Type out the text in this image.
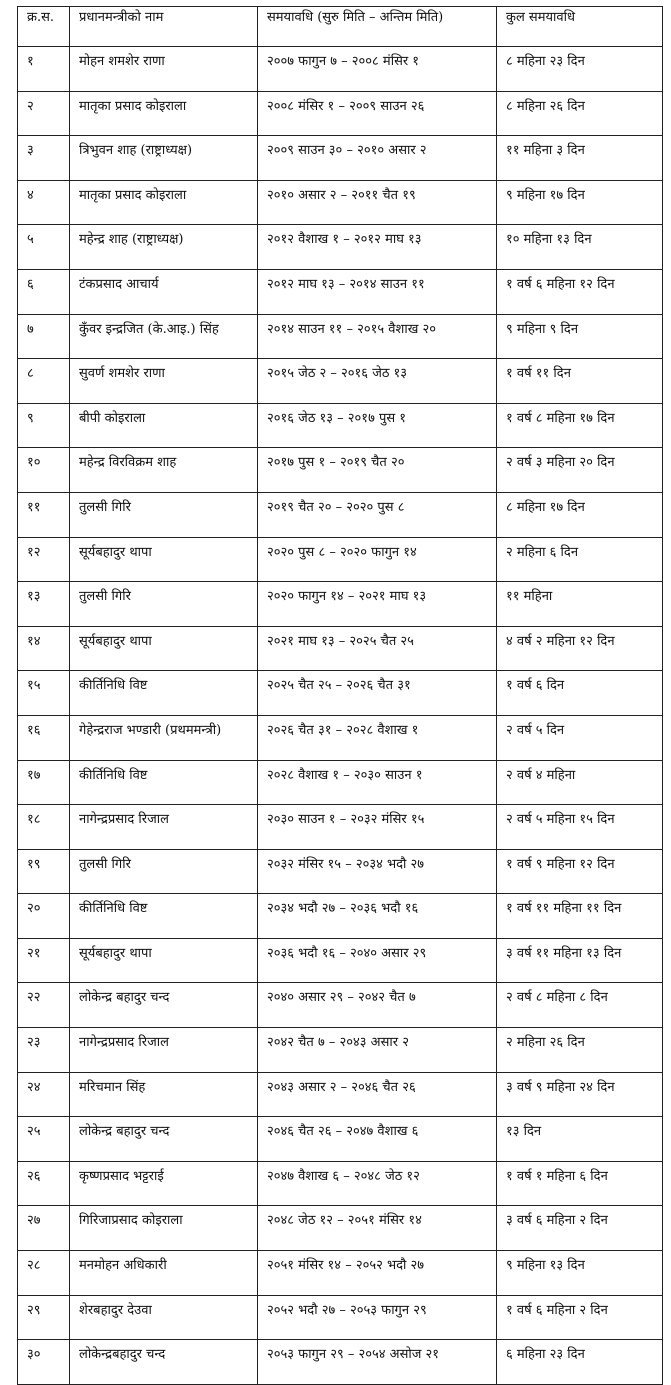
क्र.स.	प्रधानमन्त्रीको नाम	समयावधि (सुरु मिति – अन्तिम मिति)	कुल समयावधि
१	मोहन शमशेर राणा	२००७ फागुन ७ – २००८ मंसिर १	८ महिना २३ दिन
२	मातृका प्रसाद कोइराला	२००८ मंसिर १ – २००९ साउन २६	८ महिना २६ दिन
३	त्रिभुवन शाह (राष्ट्राध्यक्ष)	२००९ साउन ३० – २०१० असार २	११ महिना ३ दिन
४	मातृका प्रसाद कोइराला	२०१० असार २ – २०११ चैत १९	९ महिना १७ दिन
५	महेन्द्र शाह (राष्ट्राध्यक्ष)	२०१२ वैशाख १ – २०१२ माघ १३	१० महिना १३ दिन
६	टंकप्रसाद आचार्य	२०१२ माघ १३ – २०१४ साउन ११	१ वर्ष ६ महिना १२ दिन
७	कुँवर इन्द्रजित (के.आइ.) सिंह	२०१४ साउन ११ – २०१५ वैशाख २०	९ महिना ९ दिन
८	सुवर्ण शमशेर राणा	२०१५ जेठ २ – २०१६ जेठ १३	१ वर्ष ११ दिन
९	बीपी कोइराला	२०१६ जेठ १३ – २०१७ पुस १	१ वर्ष ८ महिना १७ दिन
१०	महेन्द्र विरविक्रम शाह	२०१७ पुस १ – २०१९ चैत २०	२ वर्ष ३ महिना २० दिन
११	तुलसी गिरि	२०१९ चैत २० – २०२० पुस ८	८ महिना १७ दिन
१२	सूर्यबहादुर थापा	२०२० पुस ८ – २०२० फागुन १४	२ महिना ६ दिन
१३	तुलसी गिरि	२०२० फागुन १४ – २०२१ माघ १३	११ महिना
१४	सूर्यबहादुर थापा	२०२१ माघ १३ – २०२५ चैत २५	४ वर्ष २ महिना १२ दिन
१५	कीर्तिनिधि विष्ट	२०२५ चैत २५ – २०२६ चैत ३१	१ वर्ष ६ दिन
१६	गेहेन्द्रराज भण्डारी (प्रथममन्त्री)	२०२६ चैत ३१ – २०२८ वैशाख १	२ वर्ष ५ दिन
१७	कीर्तिनिधि विष्ट	२०२८ वैशाख १ – २०३० साउन १	२ वर्ष ४ महिना
१८	नागेन्द्रप्रसाद रिजाल	२०३० साउन १ – २०३२ मंसिर १५	२ वर्ष ५ महिना १५ दिन
१९	तुलसी गिरि	२०३२ मंसिर १५ – २०३४ भदौ २७	१ वर्ष ९ महिना १२ दिन
२०	कीर्तिनिधि विष्ट	२०३४ भदौ २७ – २०३६ भदौ १६	१ वर्ष ११ महिना ११ दिन
२१	सूर्यबहादुर थापा	२०३६ भदौ १६ – २०४० असार २९	३ वर्ष ११ महिना १३ दिन
२२	लोकेन्द्र बहादुर चन्द	२०४० असार २९ – २०४२ चैत ७	२ वर्ष ८ महिना ८ दिन
२३	नागेन्द्रप्रसाद रिजाल	२०४२ चैत ७ – २०४३ असार २	२ महिना २६ दिन
२४	मरिचमान सिंह	२०४३ असार २ – २०४६ चैत २६	३ वर्ष ९ महिना २४ दिन
२५	लोकेन्द्र बहादुर चन्द	२०४६ चैत २६ – २०४७ वैशाख ६	१३ दिन
२६	कृष्णप्रसाद भट्टराई	२०४७ वैशाख ६ – २०४८ जेठ १२	१ वर्ष १ महिना ६ दिन
२७	गिरिजाप्रसाद कोइराला	२०४८ जेठ १२ – २०५१ मंसिर १४	३ वर्ष ६ महिना २ दिन
२८	मनमोहन अधिकारी	२०५१ मंसिर १४ – २०५२ भदौ २७	९ महिना १३ दिन
२९	शेरबहादुर देउवा	२०५२ भदौ २७ – २०५३ फागुन २९	१ वर्ष ६ महिना २ दिन
३०	लोकेन्द्रबहादुर चन्द	२०५३ फागुन २९ – २०५४ असोज २१	६ महिना २३ दिन
